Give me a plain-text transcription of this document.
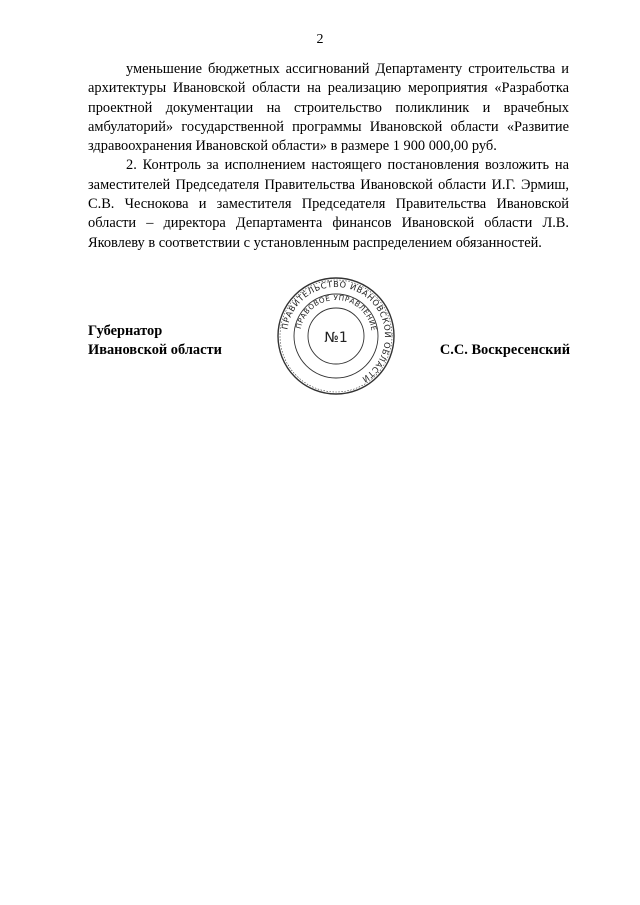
2

уменьшение бюджетных ассигнований Департаменту строительства и архитектуры Ивановской области на реализацию мероприятия «Разработка проектной документации на строительство поликлиник и врачебных амбулаторий» государственной программы Ивановской области «Развитие здравоохранения Ивановской области» в размере 1 900 000,00 руб.

2. Контроль за исполнением настоящего постановления возложить на заместителей Председателя Правительства Ивановской области И.Г. Эрмиш, С.В. Чеснокова и заместителя Председателя Правительства Ивановской области – директора Департамента финансов Ивановской области Л.В. Яковлеву в соответствии с установленным распределением обязанностей.

Губернатор
Ивановской области	С.С. Воскресенский
ПРАВИТЕЛЬСТВО ИВАНОВСКОЙ ОБЛАСТИ
ПРАВОВОЕ УПРАВЛЕНИЕ
№1
